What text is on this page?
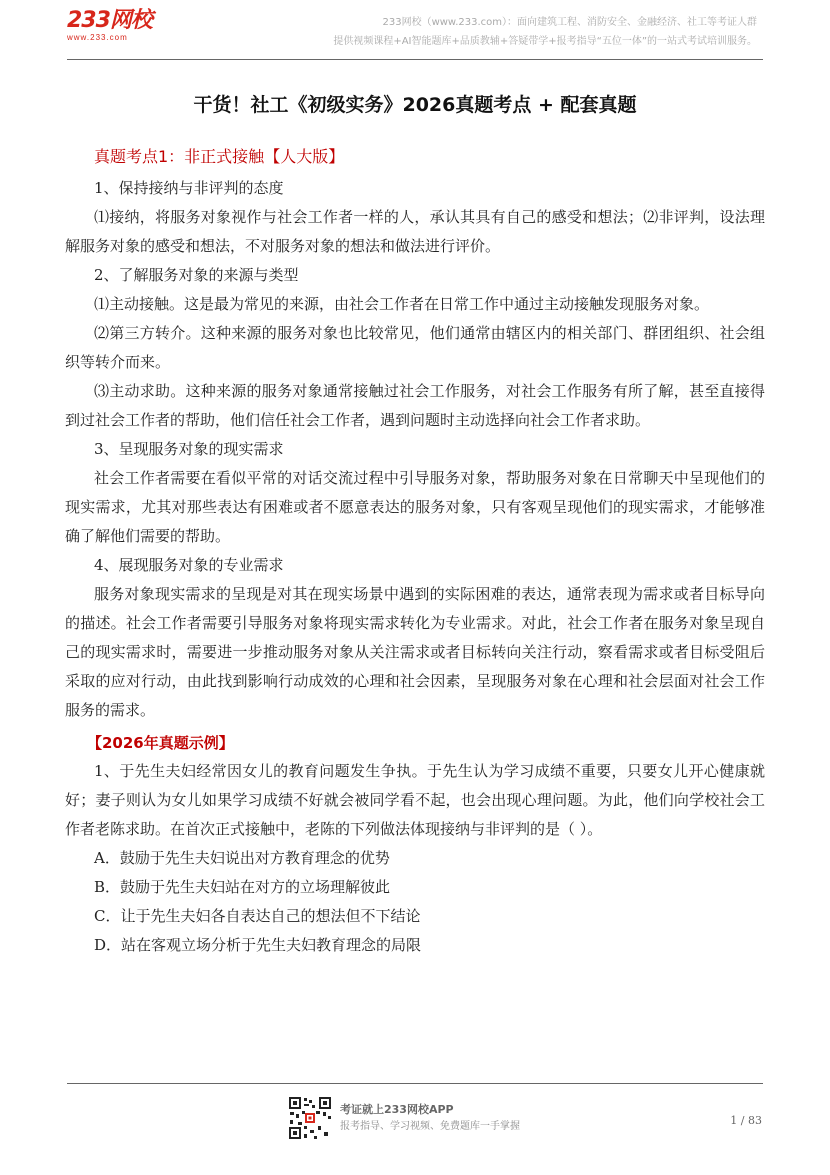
233网校
www.233.com
233网校（www.233.com）：面向建筑工程、消防安全、金融经济、社工等考证人群
提供视频课程+AI智能题库+品质教辅+答疑带学+报考指导“五位一体”的一站式考试培训服务。
干货！社工《初级实务》2026真题考点 + 配套真题
真题考点1：非正式接触【人大版】

1、保持接纳与非评判的态度

⑴接纳，将服务对象视作与社会工作者一样的人，承认其具有自己的感受和想法；⑵非评判，设法理解服务对象的感受和想法，不对服务对象的想法和做法进行评价。

2、了解服务对象的来源与类型

⑴主动接触。这是最为常见的来源，由社会工作者在日常工作中通过主动接触发现服务对象。

⑵第三方转介。这种来源的服务对象也比较常见，他们通常由辖区内的相关部门、群团组织、社会组织等转介而来。

⑶主动求助。这种来源的服务对象通常接触过社会工作服务，对社会工作服务有所了解，甚至直接得到过社会工作者的帮助，他们信任社会工作者，遇到问题时主动选择向社会工作者求助。

3、呈现服务对象的现实需求

社会工作者需要在看似平常的对话交流过程中引导服务对象，帮助服务对象在日常聊天中呈现他们的现实需求，尤其对那些表达有困难或者不愿意表达的服务对象，只有客观呈现他们的现实需求，才能够准确了解他们需要的帮助。

4、展现服务对象的专业需求

服务对象现实需求的呈现是对其在现实场景中遇到的实际困难的表达，通常表现为需求或者目标导向的描述。社会工作者需要引导服务对象将现实需求转化为专业需求。对此，社会工作者在服务对象呈现自己的现实需求时，需要进一步推动服务对象从关注需求或者目标转向关注行动，察看需求或者目标受阻后采取的应对行动，由此找到影响行动成效的心理和社会因素，呈现服务对象在心理和社会层面对社会工作服务的需求。

【2026年真题示例】

1、于先生夫妇经常因女儿的教育问题发生争执。于先生认为学习成绩不重要，只要女儿开心健康就好；妻子则认为女儿如果学习成绩不好就会被同学看不起，也会出现心理问题。为此，他们向学校社会工作者老陈求助。在首次正式接触中，老陈的下列做法体现接纳与非评判的是（ ）。

A．鼓励于先生夫妇说出对方教育理念的优势

B．鼓励于先生夫妇站在对方的立场理解彼此

C．让于先生夫妇各自表达自己的想法但不下结论

D．站在客观立场分析于先生夫妇教育理念的局限

考证就上233网校APP
报考指导、学习视频、免费题库一手掌握	1 / 83
